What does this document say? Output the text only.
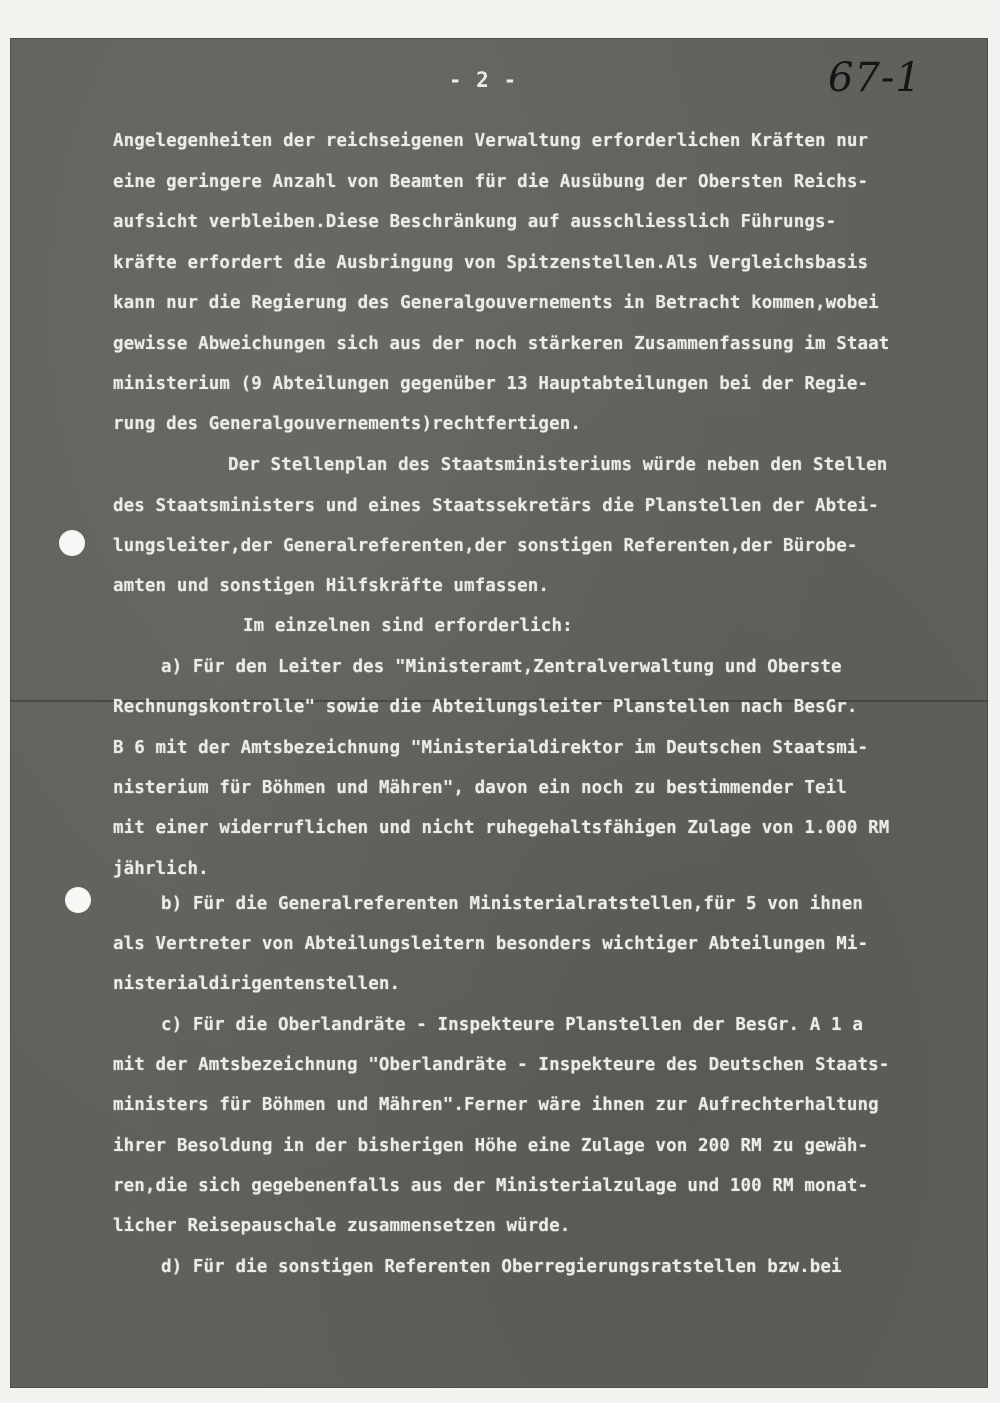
- 2 -	67-1
Angelegenheiten der reichseigenen Verwaltung erforderlichen Kräften nur
eine geringere Anzahl von Beamten für die Ausübung der Obersten Reichs-
aufsicht verbleiben.Diese Beschränkung auf ausschliesslich Führungs-
kräfte erfordert die Ausbringung von Spitzenstellen.Als Vergleichsbasis
kann nur die Regierung des Generalgouvernements in Betracht kommen,wobei
gewisse Abweichungen sich aus der noch stärkeren Zusammenfassung im Staat
ministerium (9 Abteilungen gegenüber 13 Hauptabteilungen bei der Regie-
rung des Generalgouvernements)rechtfertigen.
Der Stellenplan des Staatsministeriums würde neben den Stellen
des Staatsministers und eines Staatssekretärs die Planstellen der Abtei-
lungsleiter,der Generalreferenten,der sonstigen Referenten,der Bürobe-
amten und sonstigen Hilfskräfte umfassen.
Im einzelnen sind erforderlich:
a) Für den Leiter des "Ministeramt,Zentralverwaltung und Oberste
Rechnungskontrolle" sowie die Abteilungsleiter Planstellen nach BesGr.
B 6 mit der Amtsbezeichnung "Ministerialdirektor im Deutschen Staatsmi-
nisterium für Böhmen und Mähren", davon ein noch zu bestimmender Teil
mit einer widerruflichen und nicht ruhegehaltsfähigen Zulage von 1.000 RM
jährlich.
b) Für die Generalreferenten Ministerialratstellen,für 5 von ihnen
als Vertreter von Abteilungsleitern besonders wichtiger Abteilungen Mi-
nisterialdirigentenstellen.
c) Für die Oberlandräte - Inspekteure Planstellen der BesGr. A 1 a
mit der Amtsbezeichnung "Oberlandräte - Inspekteure des Deutschen Staats-
ministers für Böhmen und Mähren".Ferner wäre ihnen zur Aufrechterhaltung
ihrer Besoldung in der bisherigen Höhe eine Zulage von 200 RM zu gewäh-
ren,die sich gegebenenfalls aus der Ministerialzulage und 100 RM monat-
licher Reisepauschale zusammensetzen würde.
d) Für die sonstigen Referenten Oberregierungsratstellen bzw.bei
